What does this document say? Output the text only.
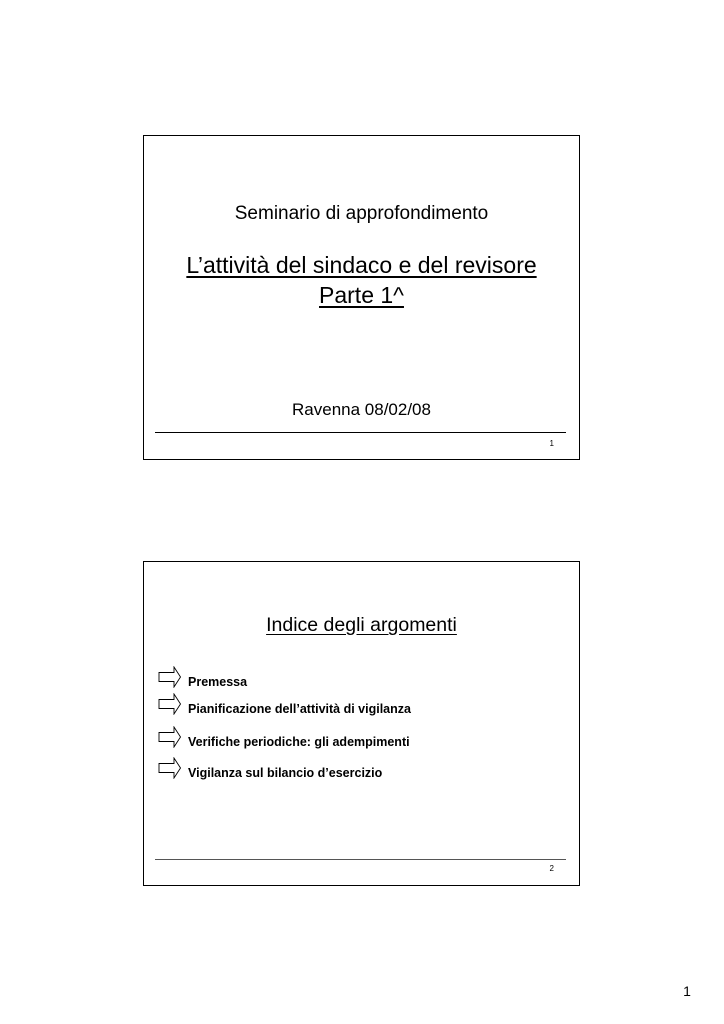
Seminario di approfondimento
L’attività del sindaco e del revisore
Parte 1^
Ravenna 08/02/08
1
Indice degli argomenti
Premessa
Pianificazione dell’attività di vigilanza
Verifiche periodiche: gli adempimenti
Vigilanza sul bilancio d’esercizio
2
1
